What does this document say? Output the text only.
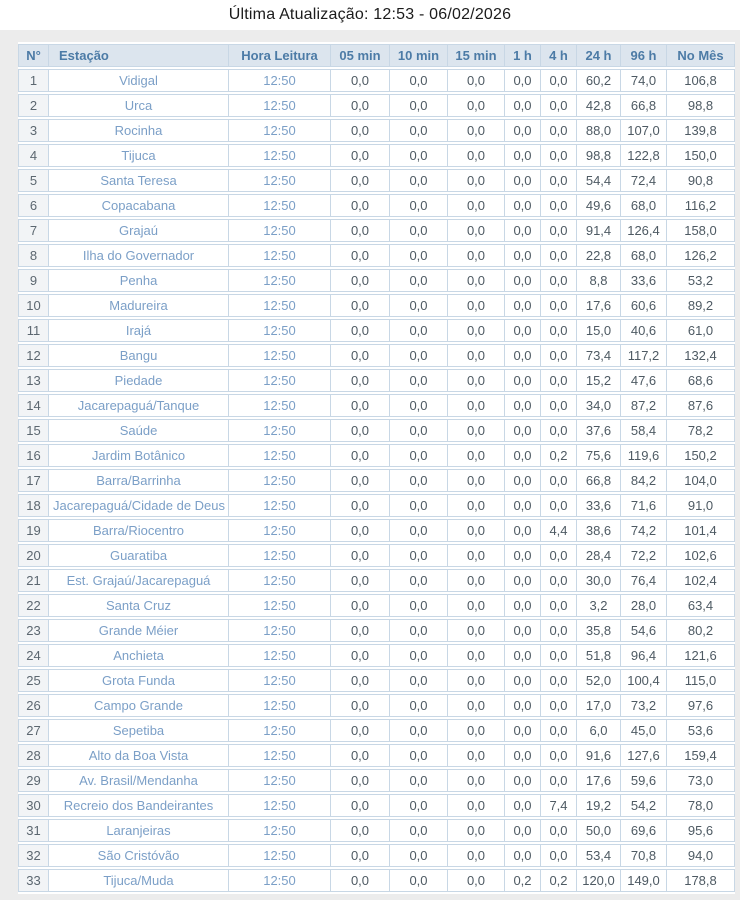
Última Atualização: 12:53 - 06/02/2026
N°	Estação	Hora Leitura	05 min	10 min	15 min	1 h	4 h	24 h	96 h	No Mês
1	Vidigal	12:50	0,0	0,0	0,0	0,0	0,0	60,2	74,0	106,8
2	Urca	12:50	0,0	0,0	0,0	0,0	0,0	42,8	66,8	98,8
3	Rocinha	12:50	0,0	0,0	0,0	0,0	0,0	88,0	107,0	139,8
4	Tijuca	12:50	0,0	0,0	0,0	0,0	0,0	98,8	122,8	150,0
5	Santa Teresa	12:50	0,0	0,0	0,0	0,0	0,0	54,4	72,4	90,8
6	Copacabana	12:50	0,0	0,0	0,0	0,0	0,0	49,6	68,0	116,2
7	Grajaú	12:50	0,0	0,0	0,0	0,0	0,0	91,4	126,4	158,0
8	Ilha do Governador	12:50	0,0	0,0	0,0	0,0	0,0	22,8	68,0	126,2
9	Penha	12:50	0,0	0,0	0,0	0,0	0,0	8,8	33,6	53,2
10	Madureira	12:50	0,0	0,0	0,0	0,0	0,0	17,6	60,6	89,2
11	Irajá	12:50	0,0	0,0	0,0	0,0	0,0	15,0	40,6	61,0
12	Bangu	12:50	0,0	0,0	0,0	0,0	0,0	73,4	117,2	132,4
13	Piedade	12:50	0,0	0,0	0,0	0,0	0,0	15,2	47,6	68,6
14	Jacarepaguá/Tanque	12:50	0,0	0,0	0,0	0,0	0,0	34,0	87,2	87,6
15	Saúde	12:50	0,0	0,0	0,0	0,0	0,0	37,6	58,4	78,2
16	Jardim Botânico	12:50	0,0	0,0	0,0	0,0	0,2	75,6	119,6	150,2
17	Barra/Barrinha	12:50	0,0	0,0	0,0	0,0	0,0	66,8	84,2	104,0
18	Jacarepaguá/Cidade de Deus	12:50	0,0	0,0	0,0	0,0	0,0	33,6	71,6	91,0
19	Barra/Riocentro	12:50	0,0	0,0	0,0	0,0	4,4	38,6	74,2	101,4
20	Guaratiba	12:50	0,0	0,0	0,0	0,0	0,0	28,4	72,2	102,6
21	Est. Grajaú/Jacarepaguá	12:50	0,0	0,0	0,0	0,0	0,0	30,0	76,4	102,4
22	Santa Cruz	12:50	0,0	0,0	0,0	0,0	0,0	3,2	28,0	63,4
23	Grande Méier	12:50	0,0	0,0	0,0	0,0	0,0	35,8	54,6	80,2
24	Anchieta	12:50	0,0	0,0	0,0	0,0	0,0	51,8	96,4	121,6
25	Grota Funda	12:50	0,0	0,0	0,0	0,0	0,0	52,0	100,4	115,0
26	Campo Grande	12:50	0,0	0,0	0,0	0,0	0,0	17,0	73,2	97,6
27	Sepetiba	12:50	0,0	0,0	0,0	0,0	0,0	6,0	45,0	53,6
28	Alto da Boa Vista	12:50	0,0	0,0	0,0	0,0	0,0	91,6	127,6	159,4
29	Av. Brasil/Mendanha	12:50	0,0	0,0	0,0	0,0	0,0	17,6	59,6	73,0
30	Recreio dos Bandeirantes	12:50	0,0	0,0	0,0	0,0	7,4	19,2	54,2	78,0
31	Laranjeiras	12:50	0,0	0,0	0,0	0,0	0,0	50,0	69,6	95,6
32	São Cristóvão	12:50	0,0	0,0	0,0	0,0	0,0	53,4	70,8	94,0
33	Tijuca/Muda	12:50	0,0	0,0	0,0	0,2	0,2	120,0	149,0	178,8
